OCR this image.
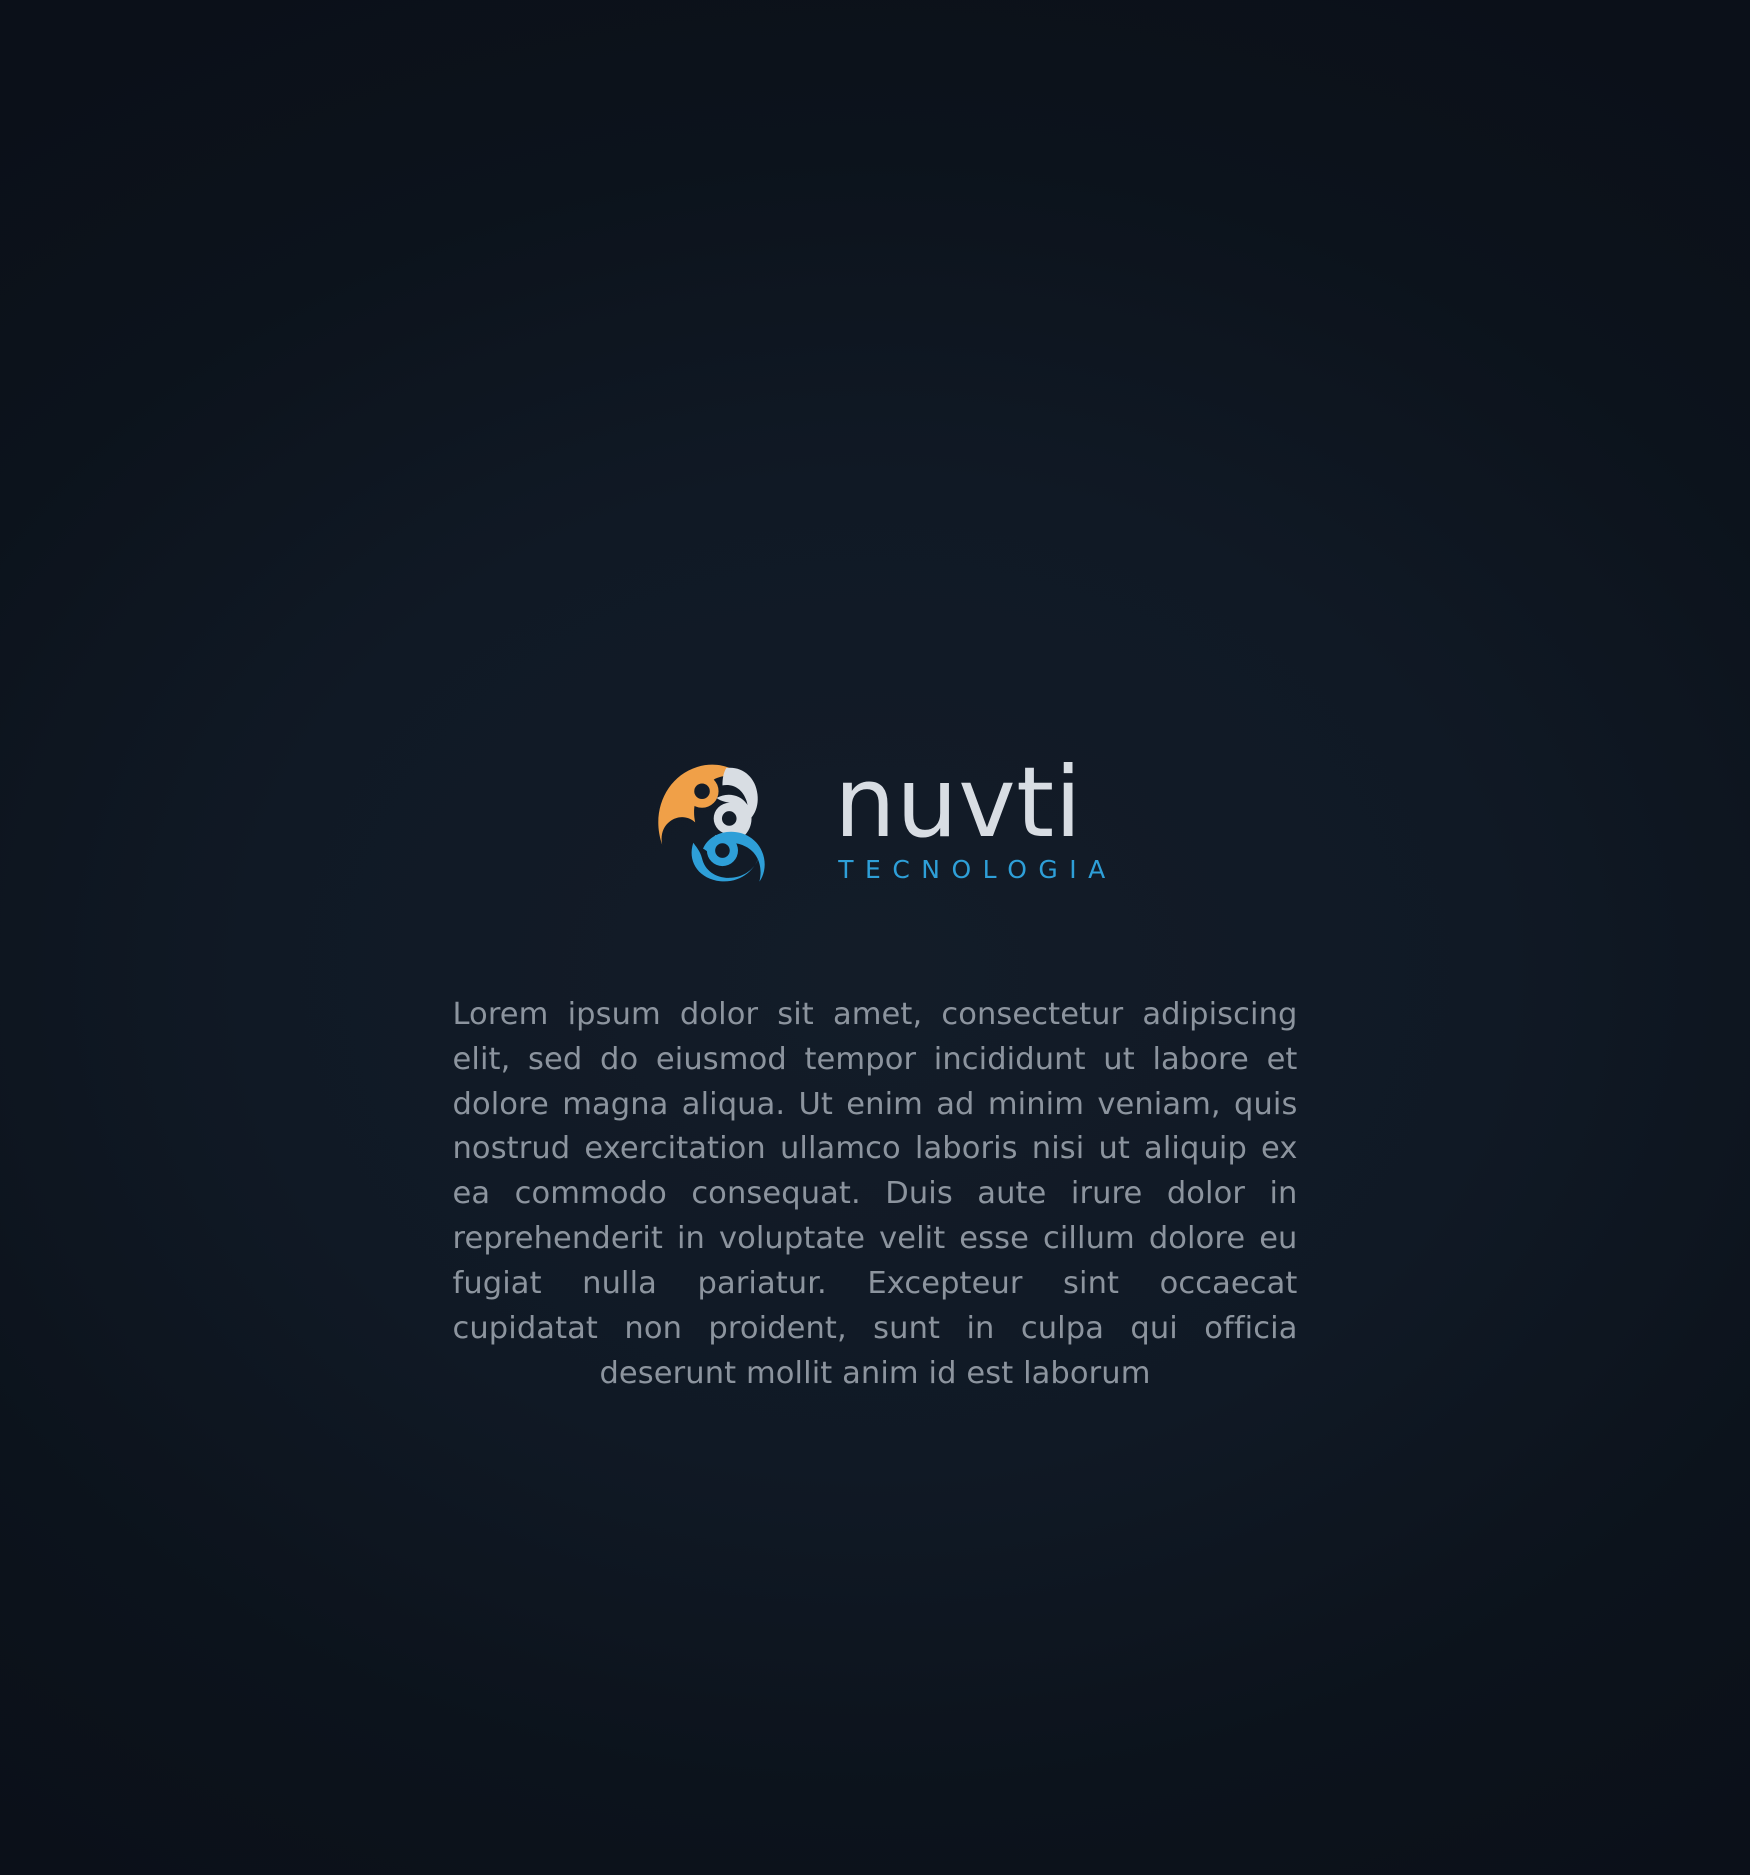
nuvti
TECNOLOGIA

Lorem ipsum dolor sit amet, consectetur adipiscing elit, sed do eiusmod tempor incididunt ut labore et dolore magna aliqua. Ut enim ad minim veniam, quis nostrud exercitation ullamco laboris nisi ut aliquip ex ea commodo consequat. Duis aute irure dolor in reprehenderit in voluptate velit esse cillum dolore eu fugiat nulla pariatur. Excepteur sint occaecat cupidatat non proident, sunt in culpa qui officia deserunt mollit anim id est laborum
